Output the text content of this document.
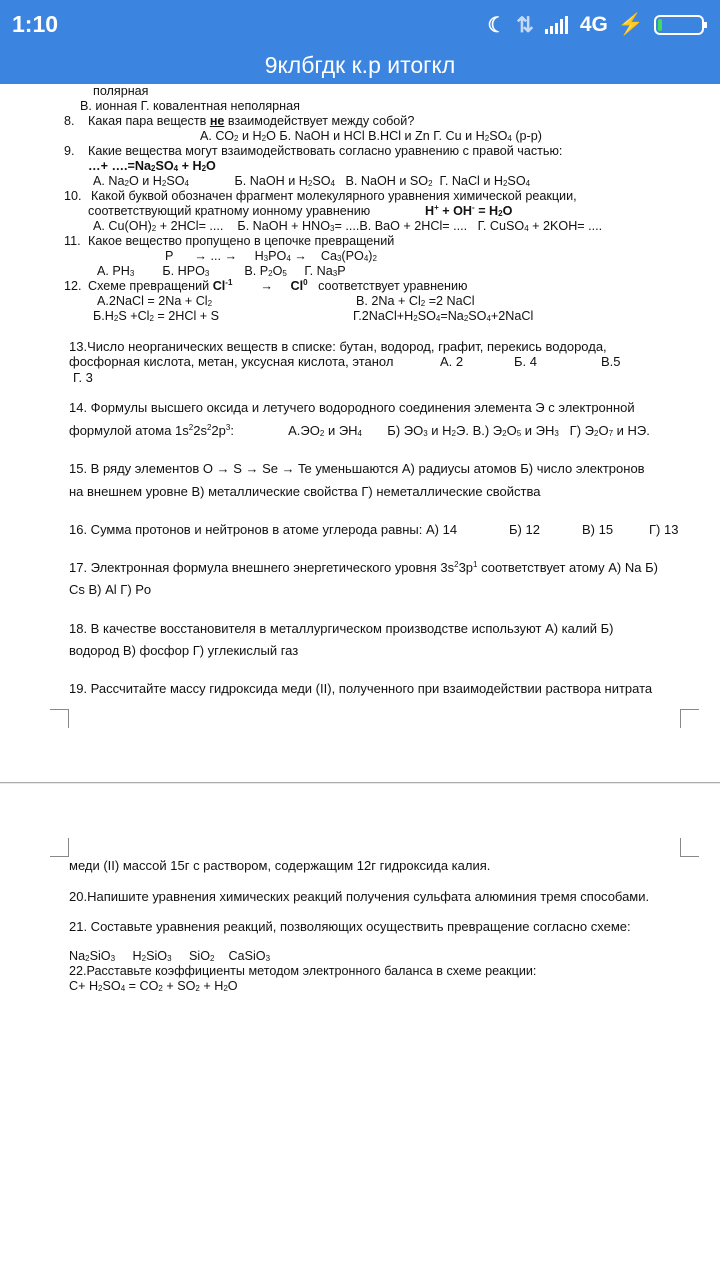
1:10	☾ ⇅ 4G ⚡
9клбгдк к.р итогкл
полярная
В. ионная Г. ковалентная неполярная
8. Какая пара веществ не взаимодействует между собой?
А. $СО_2$ и $Н_2О$ Б. NaOH и HCl В.HCl и Zn Г. Cu и $H_2SO_4$ (р-р)
9. Какие вещества могут взаимодействовать согласно уравнению с правой частью:
…+ $\dots.=Na_2SO_4 + H_2O$
А. $Na_2O$ и $H_2SO_4$             Б. NaOH и $H_2SO_4$   В. NaOH и $SO_2$  Г. NaCl и $H_2SO_4$
10. Какой буквой обозначен фрагмент молекулярного уравнения химической реакции,
соответствующий кратному ионному уравнению	$H^+ + OH^- = H_2O$
А. $Cu(OH)_2 + 2HCl=$ ....    Б. NaOH + $HNO_3= ....В$. BaO + 2HCl= ....   Г. CuSO$_4$ + 2KOH= ....
11. Какое вещество пропущено в цепочке превращений
P      → ... →     $H_3PO_4$ →    $Ca_3(PO_4)_2$
А. $PH_3$        Б. $HPO_3$          В. $P_2O_5$     Г. $Na_3P$
12. Схеме превращений $Cl^{-1}$        →     Cl$^0$ соответствует уравнению
А.2NaCl = $2Na + Cl_2$	В. $2Na + Cl_2 =2$ NaCl
$Б.H_2S +Cl_2 = 2HCl + S$	$Г.2NaCl+H_2SO_4=Na_2SO_4+2NaCl$
13.Число неорганических веществ в списке: бутан, водород, графит, перекись водорода,
фосфорная кислота, метан, уксусная кислота, этанол	А. 2	Б. 4	В.5
Г. 3
14. Формулы высшего оксида и летучего водородного соединения элемента Э с электронной
формулой атома $1s^22s^22p^3$:               $А.ЭО_2$ и $ЭН_4$       Б) $ЭО_3$ и $Н_2Э$. В.) $Э_2О_5$ и $ЭН_3$   Г) $Э_2О_7$ и НЭ.
15. В ряду элементов О → S → Se → Te уменьшаются А) радиусы атомов Б) число электронов
на внешнем уровне В) металлические свойства Г) неметаллические свойства
16. Сумма протонов и нейтронов в атоме углерода равны: А) 14	Б) 12	В) 15	Г) 13
17. Электронная формула внешнего энергетического уровня $3s^23p^1$ соответствует атому А) Na Б)
Cs В) Al Г) Po
18. В качестве восстановителя в металлургическом производстве используют А) калий Б)
водород В) фосфор Г) углекислый газ
19. Рассчитайте массу гидроксида меди (II), полученного при взаимодействии раствора нитрата
меди (II) массой 15г с раствором, содержащим 12г гидроксида калия.
20.Напишите уравнения химических реакций получения сульфата алюминия тремя способами.
21. Составьте уравнения реакций, позволяющих осуществить превращение согласно схеме:
$Na_2SiO_3$     $H_2SiO_3$     SiO$_2$    CaSiO$_3$
22.Расставьте коэффициенты методом электронного баланса в схеме реакции:
$C+ H_2SO_4 = CO_2 + SO_2 + H_2O$
